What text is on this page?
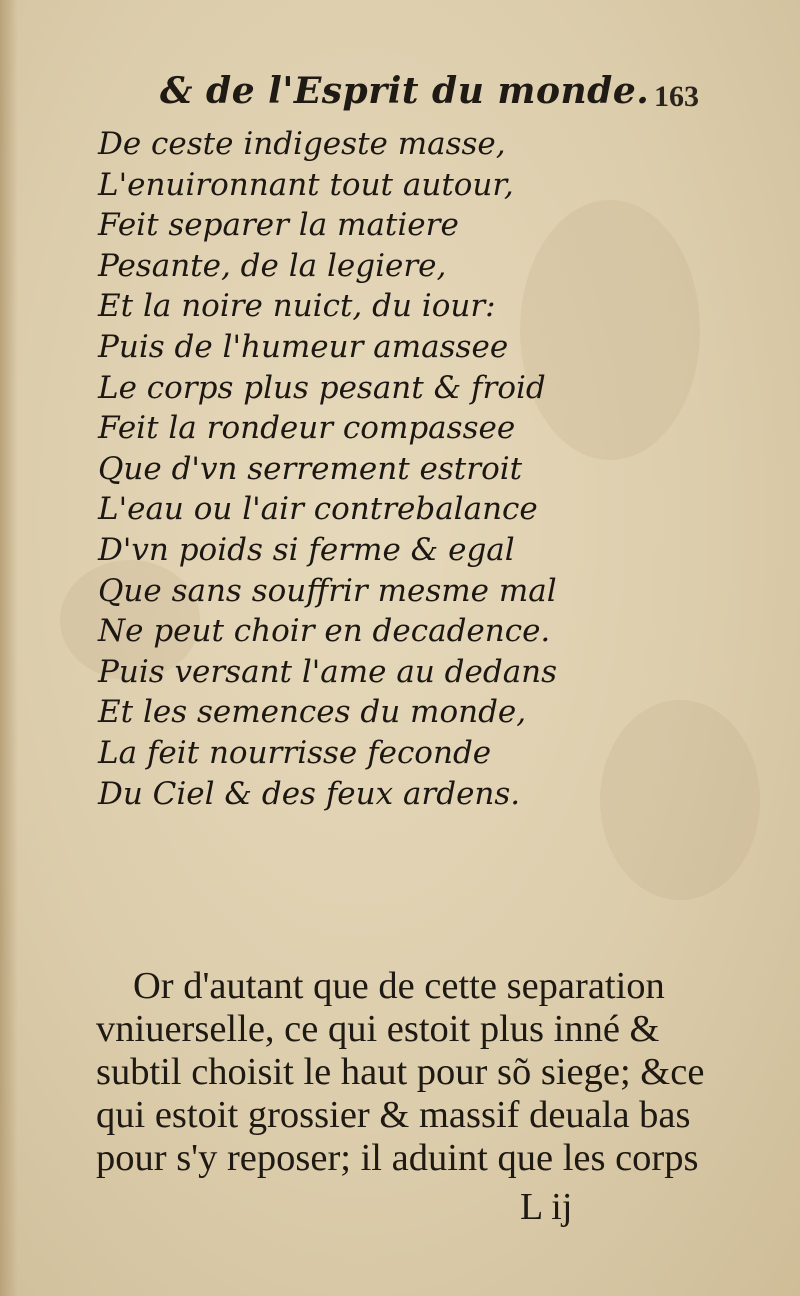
& de l'Esprit du monde. 163
De ceste indigeste masse,
L'enuironnant tout autour,
Feit separer la matiere
Pesante, de la legiere,
Et la noire nuict, du iour:
Puis de l'humeur amassee
Le corps plus pesant & froid
Feit la rondeur compassee
Que d'vn serrement estroit
L'eau ou l'air contrebalance
D'vn poids si ferme & egal
Que sans souffrir mesme mal
Ne peut choir en decadence.
Puis versant l'ame au dedans
Et les semences du monde,
La feit nourrisse feconde
Du Ciel & des feux ardens.
Or d'autant que de cette separation
vniuerselle, ce qui estoit plus inné &
subtil choisit le haut pour sõ siege; &ce
qui estoit grossier & massif deuala bas
pour s'y reposer; il aduint que les corps
L ij
